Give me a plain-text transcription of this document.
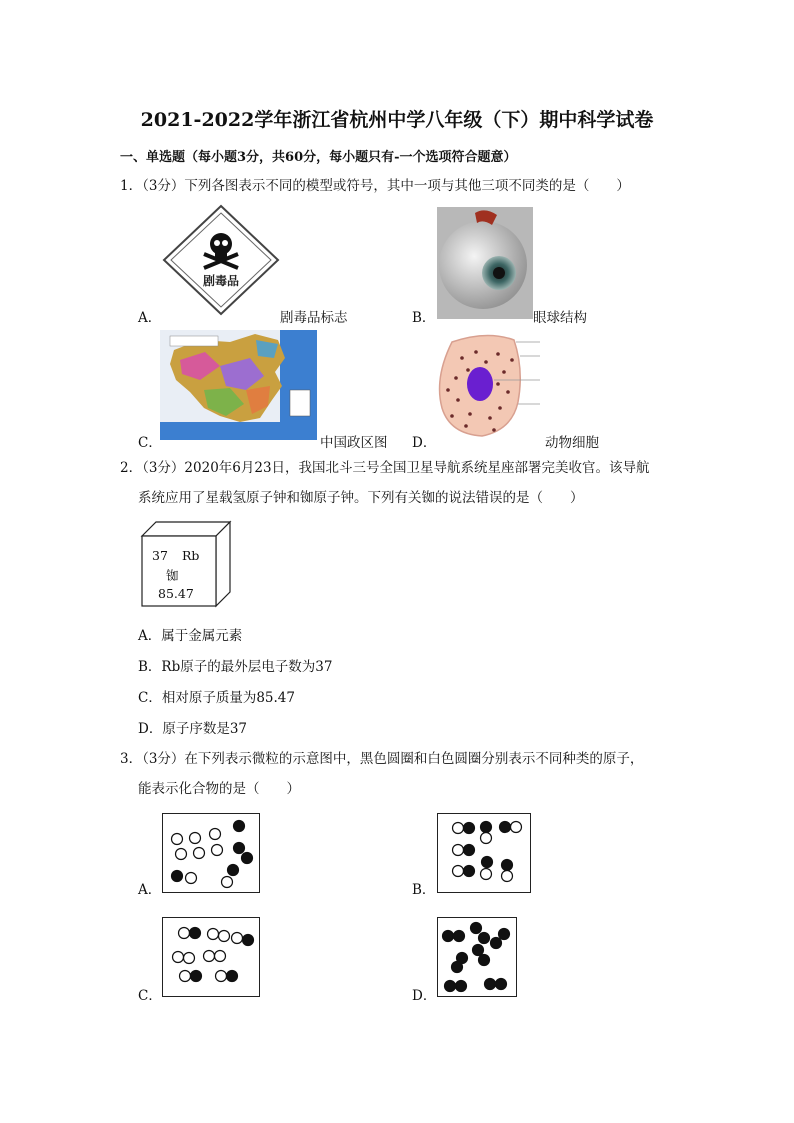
2021-2022学年浙江省杭州中学八年级（下）期中科学试卷
一、单选题（每小题3分，共60分，每小题只有-一个选项符合题意）
1．（3分）下列各图表示不同的模型或符号，其中一项与其他三项不同类的是（　　）
剧毒品
A．	剧毒品标志	B．	眼球结构
C．	中国政区图 D．	动物细胞
2．（3分）2020年6月23日，我国北斗三号全国卫星导航系统星座部署完美收官。该导航
系统应用了星载氢原子钟和铷原子钟。下列有关铷的说法错误的是（　　）
37 Rb
铷
85.47
A．属于金属元素
B．Rb原子的最外层电子数为37
C．相对原子质量为85.47
D．原子序数是37
3．（3分）在下列表示微粒的示意图中，黑色圆圈和白色圆圈分别表示不同种类的原子，
能表示化合物的是（　　）
A．	B．
C．	D．
